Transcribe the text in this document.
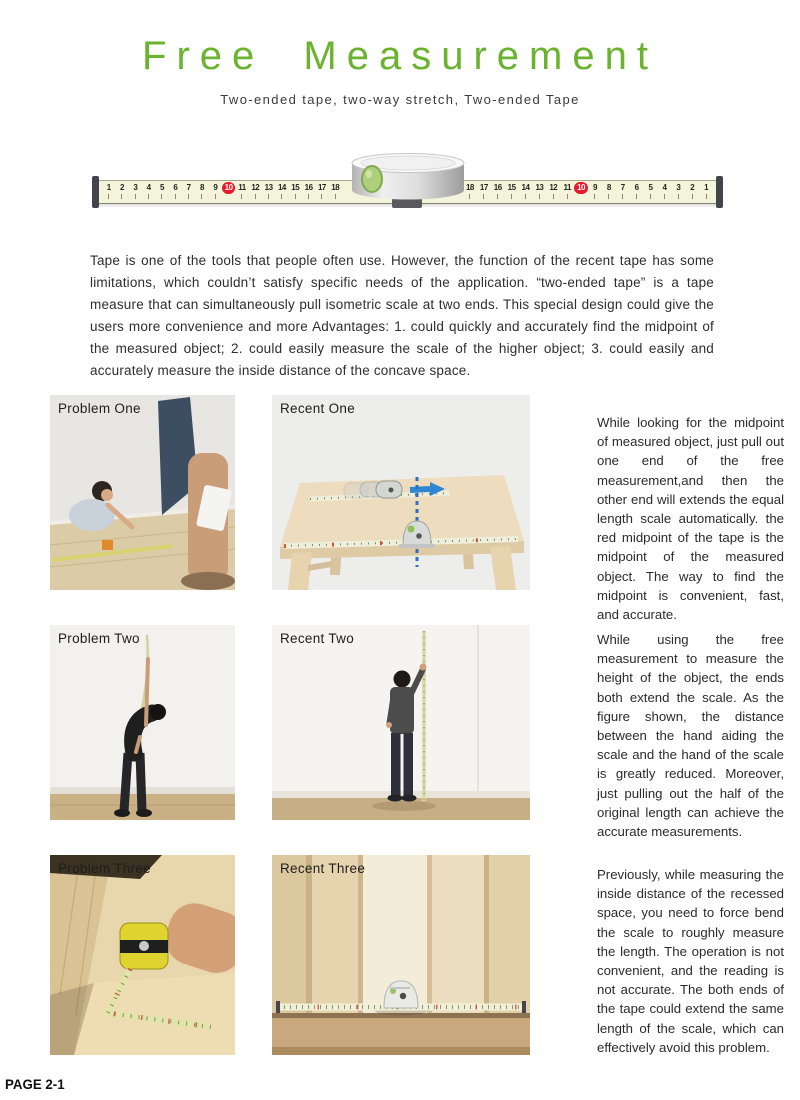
Free Measurement
Two-ended tape, two-way stretch, Two-ended Tape
1	2	3	4	5	6	7	8	9 10 11 12 13 14 15 16 17 18	18 17 16 15 14 13 12 11 10 9	8	7	6	5	4	3	2	1

Tape is one of the tools that people often use. However, the function of the recent tape has some limitations, which couldn’t satisfy specific needs of the application. “two-ended tape” is a tape measure that can simultaneously pull isometric scale at two ends. This special design could give the users more convenience and more Advantages: 1. could quickly and accurately find the midpoint of the measured object; 2. could easily measure the scale of the higher object; 3. could easily and accurately measure the inside distance of the concave space.

Problem One	Recent One
While looking for the midpoint of measured object, just pull out one end of the free measurement,and then the other end will extends the equal length scale automatically. the red midpoint of the tape is the midpoint of the measured object. The way to find the midpoint is convenient, fast, and accurate.
Problem Two	Recent Two	While using the free measurement to measure the height of the object, the ends both extend the scale. As the figure shown, the distance between the hand aiding the scale and the hand of the scale is greatly reduced. Moreover, just pulling out the half of the original length can achieve the accurate measurements.
Problem Three	Recent Three	Previously, while measuring the inside distance of the recessed space, you need to force bend the scale to roughly measure the length. The operation is not convenient, and the reading is not accurate. The both ends of the tape could extend the same length of the scale, which can effectively avoid this problem.
PAGE 2-1
